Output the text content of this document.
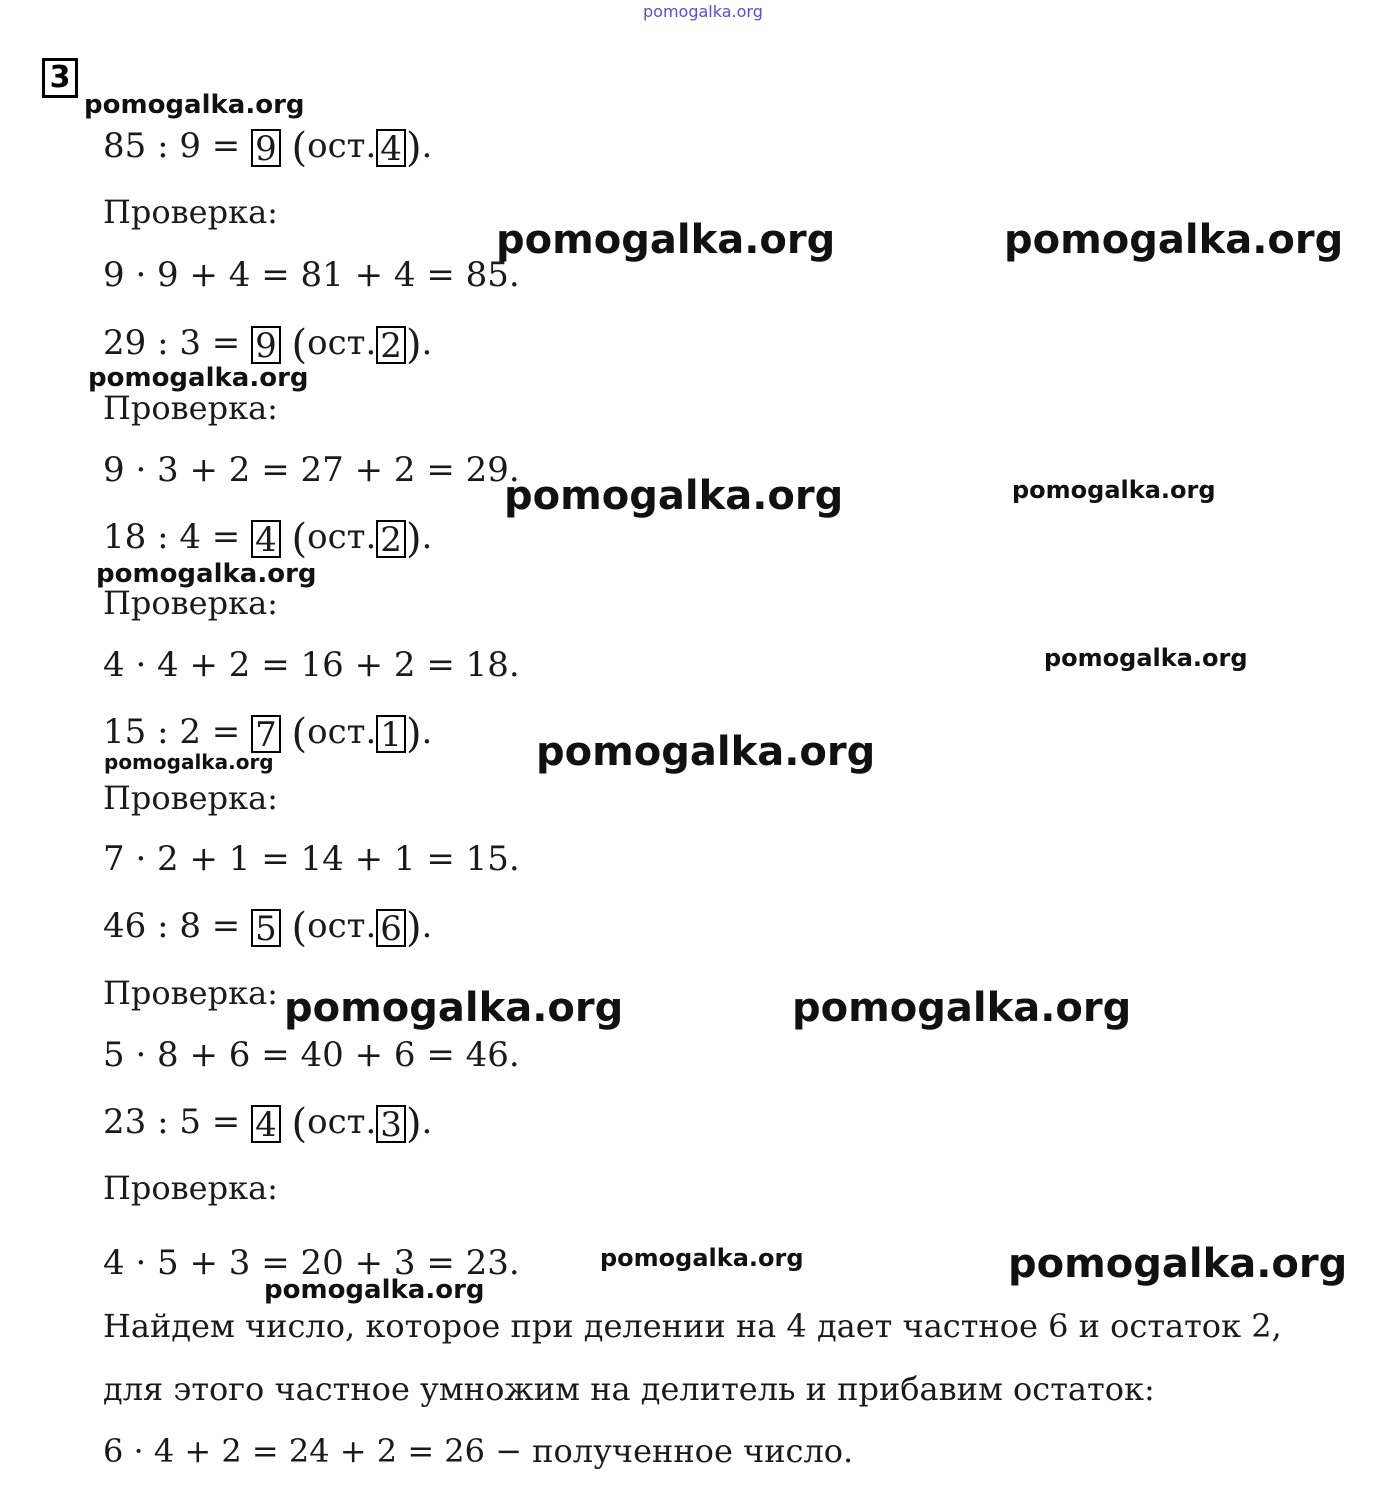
pomogalka.org
3
85 : 9 = 9 (ост. 4 ).
Проверка:
9 · 9 + 4 = 81 + 4 = 85.
29 : 3 = 9 (ост. 2 ).
Проверка:
9 · 3 + 2 = 27 + 2 = 29.
18 : 4 = 4 (ост. 2 ).
Проверка:
4 · 4 + 2 = 16 + 2 = 18.
15 : 2 = 7 (ост. 1 ).
Проверка:
7 · 2 + 1 = 14 + 1 = 15.
46 : 8 = 5 (ост. 6 ).
Проверка:
5 · 8 + 6 = 40 + 6 = 46.
23 : 5 = 4 (ост. 3 ).
Проверка:
4 · 5 + 3 = 20 + 3 = 23.
Найдем число, которое при делении на 4 дает частное 6 и остаток 2,
для этого частное умножим на делитель и прибавим остаток:
6 · 4 + 2 = 24 + 2 = 26 − полученное число.
pomogalka.org
pomogalka.org	pomogalka.org
pomogalka.org
pomogalka.org	pomogalka.org
pomogalka.org
pomogalka.org
pomogalka.org
pomogalka.org
pomogalka.org	pomogalka.org
pomogalka.org	pomogalka.org
pomogalka.org
